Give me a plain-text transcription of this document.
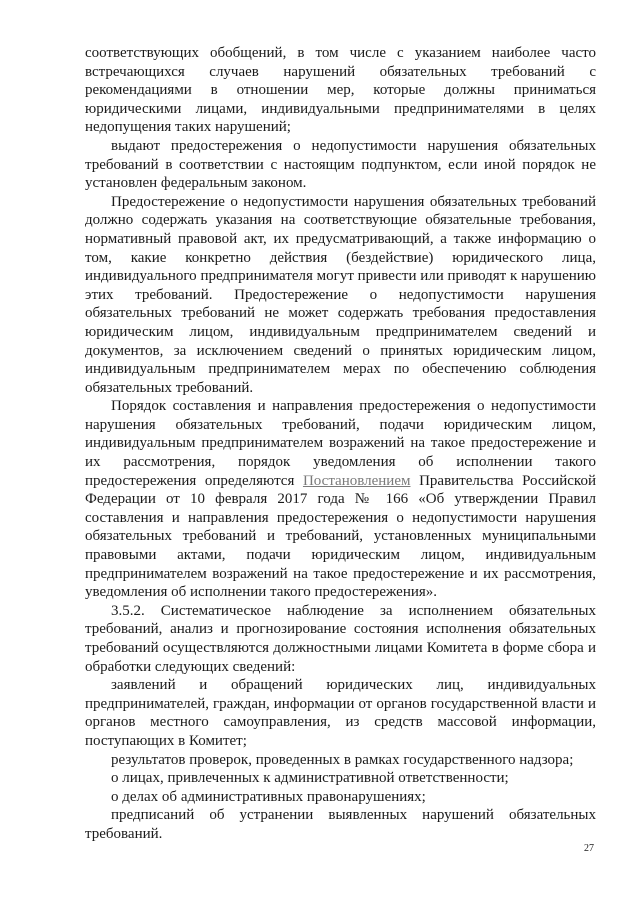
соответствующих обобщений, в том числе с указанием наиболее часто встречающихся случаев нарушений обязательных требований с рекомендациями в отношении мер, которые должны приниматься юридическими лицами, индивидуальными предпринимателями в целях недопущения таких нарушений;

выдают предостережения о недопустимости нарушения обязательных требований в соответствии с настоящим подпунктом, если иной порядок не установлен федеральным законом.

Предостережение о недопустимости нарушения обязательных требований должно содержать указания на соответствующие обязательные требования, нормативный правовой акт, их предусматривающий, а также информацию о том, какие конкретно действия (бездействие) юридического лица, индивидуального предпринимателя могут привести или приводят к нарушению этих требований. Предостережение о недопустимости нарушения обязательных требований не может содержать требования предоставления юридическим лицом, индивидуальным предпринимателем сведений и документов, за исключением сведений о принятых юридическим лицом, индивидуальным предпринимателем мерах по обеспечению соблюдения обязательных требований.

Порядок составления и направления предостережения о недопустимости нарушения обязательных требований, подачи юридическим лицом, индивидуальным предпринимателем возражений на такое предостережение и их рассмотрения, порядок уведомления об исполнении такого предостережения определяются Постановлением Правительства Российской Федерации от 10 февраля 2017 года № 166 «Об утверждении Правил составления и направления предостережения о недопустимости нарушения обязательных требований и требований, установленных муниципальными правовыми актами, подачи юридическим лицом, индивидуальным предпринимателем возражений на такое предостережение и их рассмотрения, уведомления об исполнении такого предостережения».

3.5.2. Систематическое наблюдение за исполнением обязательных требований, анализ и прогнозирование состояния исполнения обязательных требований осуществляются должностными лицами Комитета в форме сбора и обработки следующих сведений:

заявлений и обращений юридических лиц, индивидуальных предпринимателей, граждан, информации от органов государственной власти и органов местного самоуправления, из средств массовой информации, поступающих в Комитет;

результатов проверок, проведенных в рамках государственного надзора;

о лицах, привлеченных к административной ответственности;

о делах об административных правонарушениях;

предписаний об устранении выявленных нарушений обязательных требований.

27
